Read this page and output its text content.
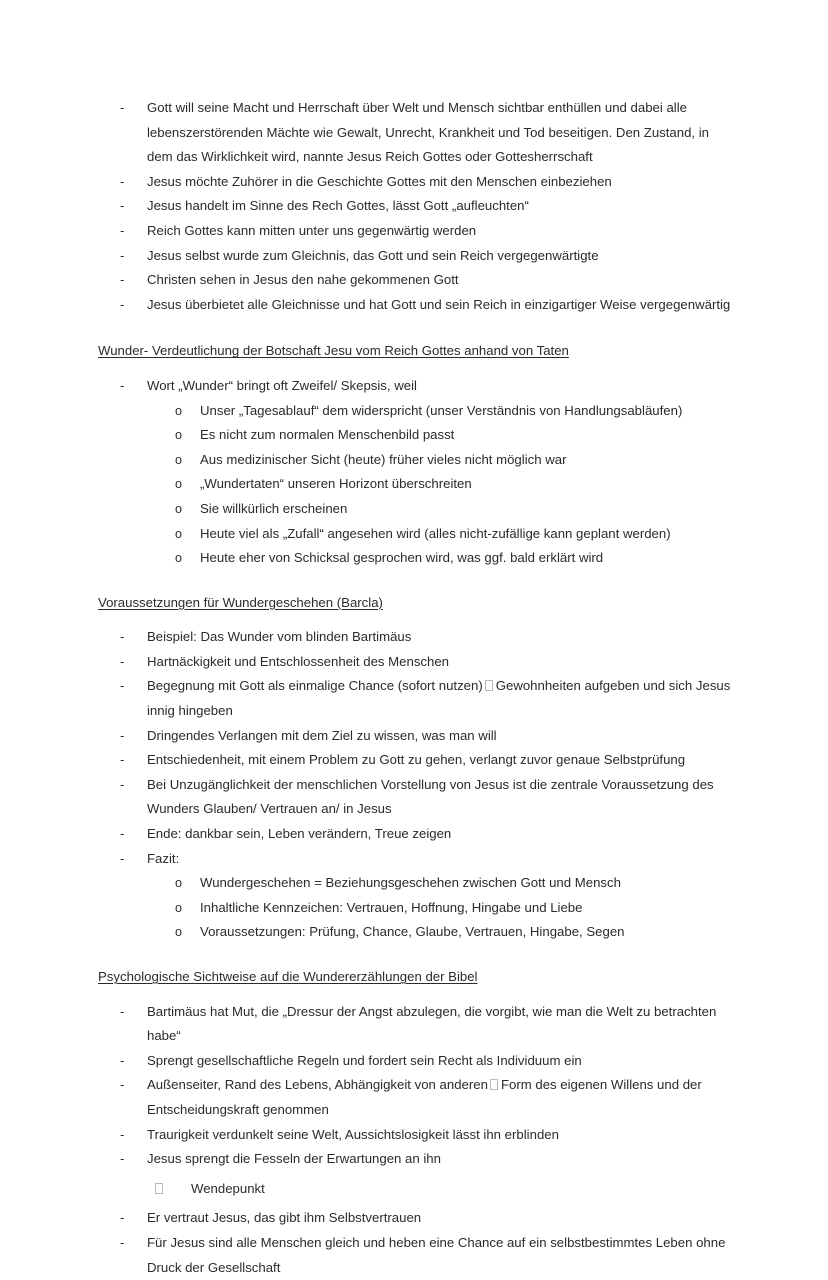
-	Gott will seine Macht und Herrschaft über Welt und Mensch sichtbar enthüllen und dabei alle lebenszerstörenden Mächte wie Gewalt, Unrecht, Krankheit und Tod beseitigen. Den Zustand, in dem das Wirklichkeit wird, nannte Jesus Reich Gottes oder Gottesherrschaft
-	Jesus möchte Zuhörer in die Geschichte Gottes mit den Menschen einbeziehen
-	Jesus handelt im Sinne des Rech Gottes, lässt Gott „aufleuchten“
-	Reich Gottes kann mitten unter uns gegenwärtig werden
-	Jesus selbst wurde zum Gleichnis, das Gott und sein Reich vergegenwärtigte
-	Christen sehen in Jesus den nahe gekommenen Gott
-	Jesus überbietet alle Gleichnisse und hat Gott und sein Reich in einzigartiger Weise vergegenwärtig
Wunder- Verdeutlichung der Botschaft Jesu vom Reich Gottes anhand von Taten
-	Wort „Wunder“ bringt oft Zweifel/ Skepsis, weil
o	Unser „Tagesablauf“ dem widerspricht (unser Verständnis von Handlungsabläufen)
o	Es nicht zum normalen Menschenbild passt
o	Aus medizinischer Sicht (heute) früher vieles nicht möglich war
o	„Wundertaten“ unseren Horizont überschreiten
o	Sie willkürlich erscheinen
o	Heute viel als „Zufall“ angesehen wird (alles nicht-zufällige kann geplant werden)
o	Heute eher von Schicksal gesprochen wird, was ggf. bald erklärt wird
Voraussetzungen für Wundergeschehen (Barcla)
-	Beispiel: Das Wunder vom blinden Bartimäus
-	Hartnäckigkeit und Entschlossenheit des Menschen
-	Begegnung mit Gott als einmalige Chance (sofort nutzen) Gewohnheiten aufgeben und sich Jesus innig hingeben
-	Dringendes Verlangen mit dem Ziel zu wissen, was man will
-	Entschiedenheit, mit einem Problem zu Gott zu gehen, verlangt zuvor genaue Selbstprüfung
-	Bei Unzugänglichkeit der menschlichen Vorstellung von Jesus ist die zentrale Voraussetzung des Wunders Glauben/ Vertrauen an/ in Jesus
-	Ende: dankbar sein, Leben verändern, Treue zeigen
-	Fazit:
o	Wundergeschehen = Beziehungsgeschehen zwischen Gott und Mensch
o	Inhaltliche Kennzeichen: Vertrauen, Hoffnung, Hingabe und Liebe
o	Voraussetzungen: Prüfung, Chance, Glaube, Vertrauen, Hingabe, Segen
Psychologische Sichtweise auf die Wundererzählungen der Bibel
-	Bartimäus hat Mut, die „Dressur der Angst abzulegen, die vorgibt, wie man die Welt zu betrachten habe“
-	Sprengt gesellschaftliche Regeln und fordert sein Recht als Individuum ein
-	Außenseiter, Rand des Lebens, Abhängigkeit von anderen Form des eigenen Willens und der Entscheidungskraft genommen
-	Traurigkeit verdunkelt seine Welt, Aussichtslosigkeit lässt ihn erblinden
-	Jesus sprengt die Fesseln der Erwartungen an ihn
Wendepunkt
-	Er vertraut Jesus, das gibt ihm Selbstvertrauen
-	Für Jesus sind alle Menschen gleich und heben eine Chance auf ein selbstbestimmtes Leben ohne Druck der Gesellschaft
